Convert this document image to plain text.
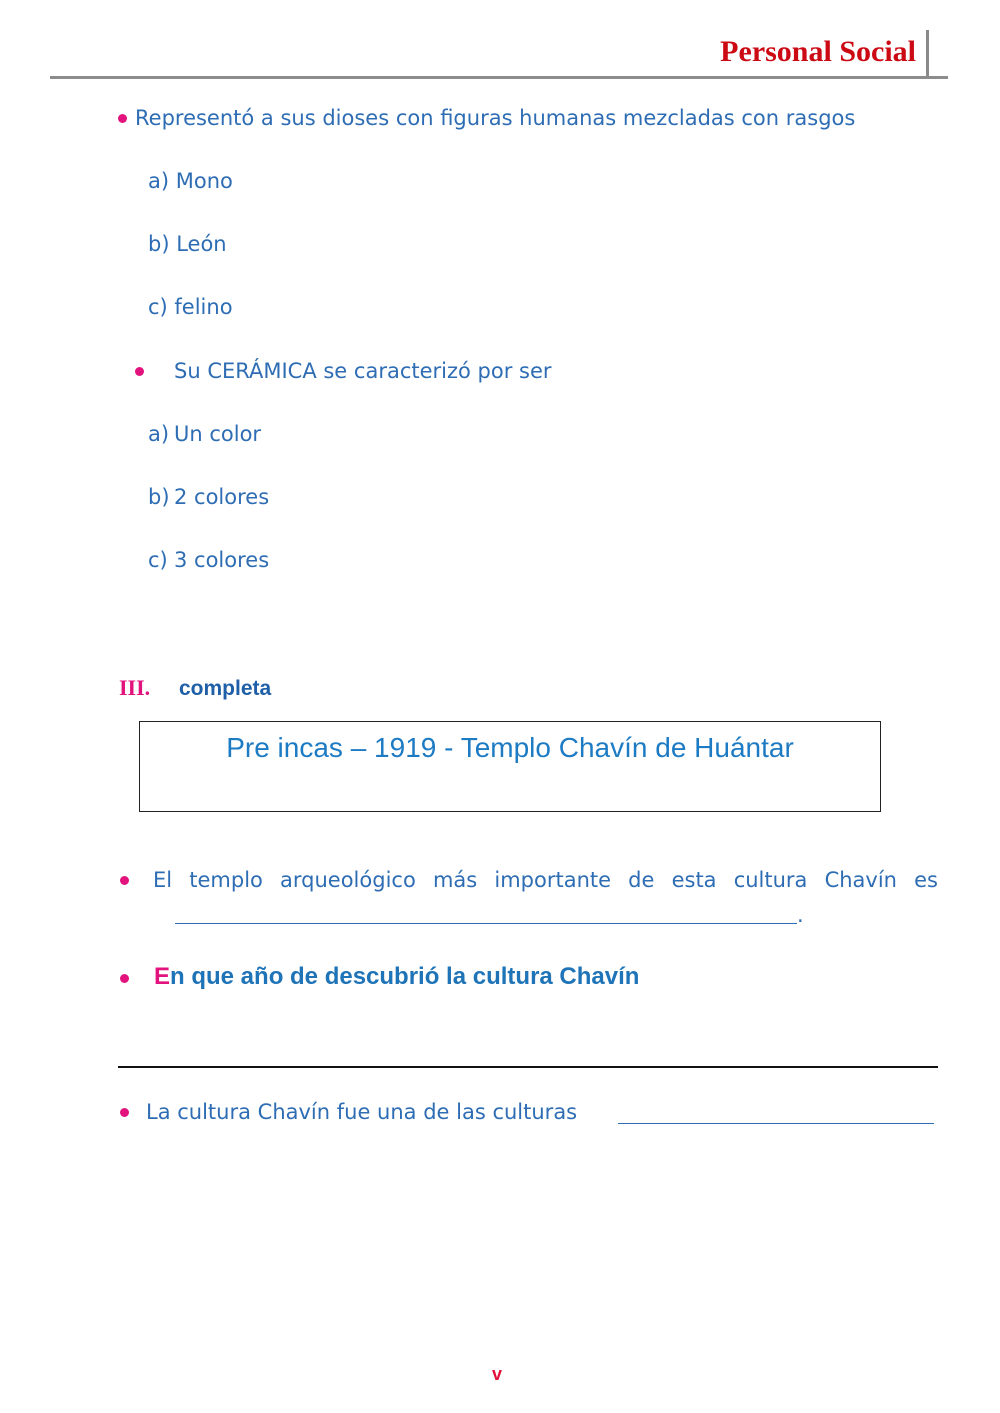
Personal Social
Representó a sus dioses con figuras humanas mezcladas con rasgos
a) Mono
b) León
c) felino
Su CERÁMICA se caracterizó por ser
a) Un color
b) 2 colores
c) 3 colores
III. completa
Pre incas – 1919 - Templo Chavín de Huántar
El templo arqueológico más importante de esta cultura Chavín es
.
En que año de descubrió la cultura Chavín
La cultura Chavín fue una de las culturas
v
